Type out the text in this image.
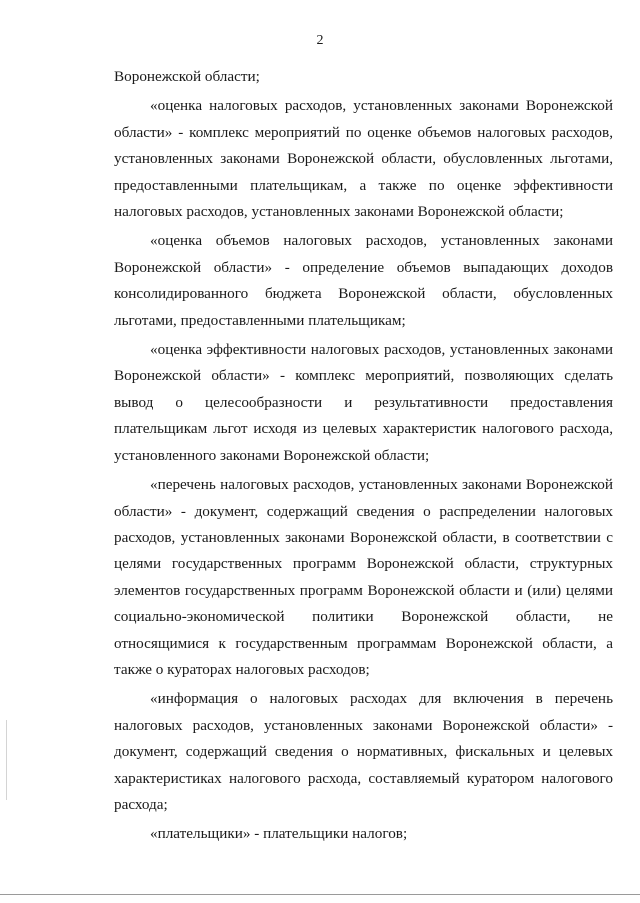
2

Воронежской области;

«оценка налоговых расходов, установленных законами Воронежской области» - комплекс мероприятий по оценке объемов налоговых расходов, установленных законами Воронежской области, обусловленных льготами, предоставленными плательщикам, а также по оценке эффективности налоговых расходов, установленных законами Воронежской области;

«оценка объемов налоговых расходов, установленных законами Воронежской области» - определение объемов выпадающих доходов консолидированного бюджета Воронежской области, обусловленных льготами, предоставленными плательщикам;

«оценка эффективности налоговых расходов, установленных законами Воронежской области» - комплекс мероприятий, позволяющих сделать вывод о целесообразности и результативности предоставления плательщикам льгот исходя из целевых характеристик налогового расхода, установленного законами Воронежской области;

«перечень налоговых расходов, установленных законами Воронежской области» - документ, содержащий сведения о распределении налоговых расходов, установленных законами Воронежской области, в соответствии с целями государственных программ Воронежской области, структурных элементов государственных программ Воронежской области и (или) целями социально-экономической политики Воронежской области, не относящимися к государственным программам Воронежской области, а также о кураторах налоговых расходов;

«информация о налоговых расходах для включения в перечень налоговых расходов, установленных законами Воронежской области» - документ, содержащий сведения о нормативных, фискальных и целевых характеристиках налогового расхода, составляемый куратором налогового расхода;

«плательщики» - плательщики налогов;
